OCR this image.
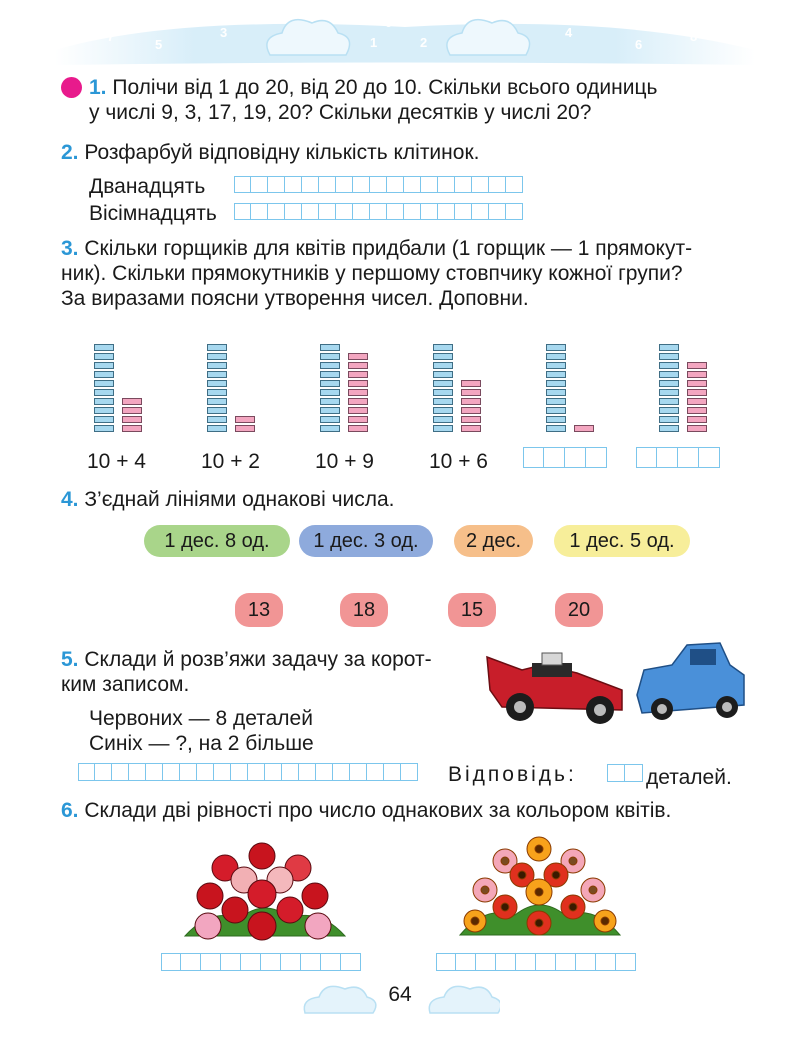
7
5
3
0
1	2
4
6
8
1. Полічи від 1 до 20, від 20 до 10. Скільки всього одиниць
у числі 9, 3, 17, 19, 20? Скільки десятків у числі 20?
2. Розфарбуй відповідну кількість клітинок.
Дванадцять
Вісімнадцять
3. Скільки горщиків для квітів придбали (1 горщик — 1 прямокут-
ник). Скільки прямокутників у першому стовпчику кожної групи?
За виразами поясни утворення чисел. Доповни.
10 + 4	10 + 2	10 + 9	10 + 6
4. З’єднай лініями однакові числа.
1 дес. 8 од.	1 дес. 3 од.	2 дес.	1 дес. 5 од.
13	18	15	20
5. Склади й розв’яжи задачу за корот-
ким записом.
Червоних — 8 деталей
Синіх — ?, на 2 більше
Відповідь:	деталей.
6. Склади дві рівності про число однакових за кольором квітів.
64
